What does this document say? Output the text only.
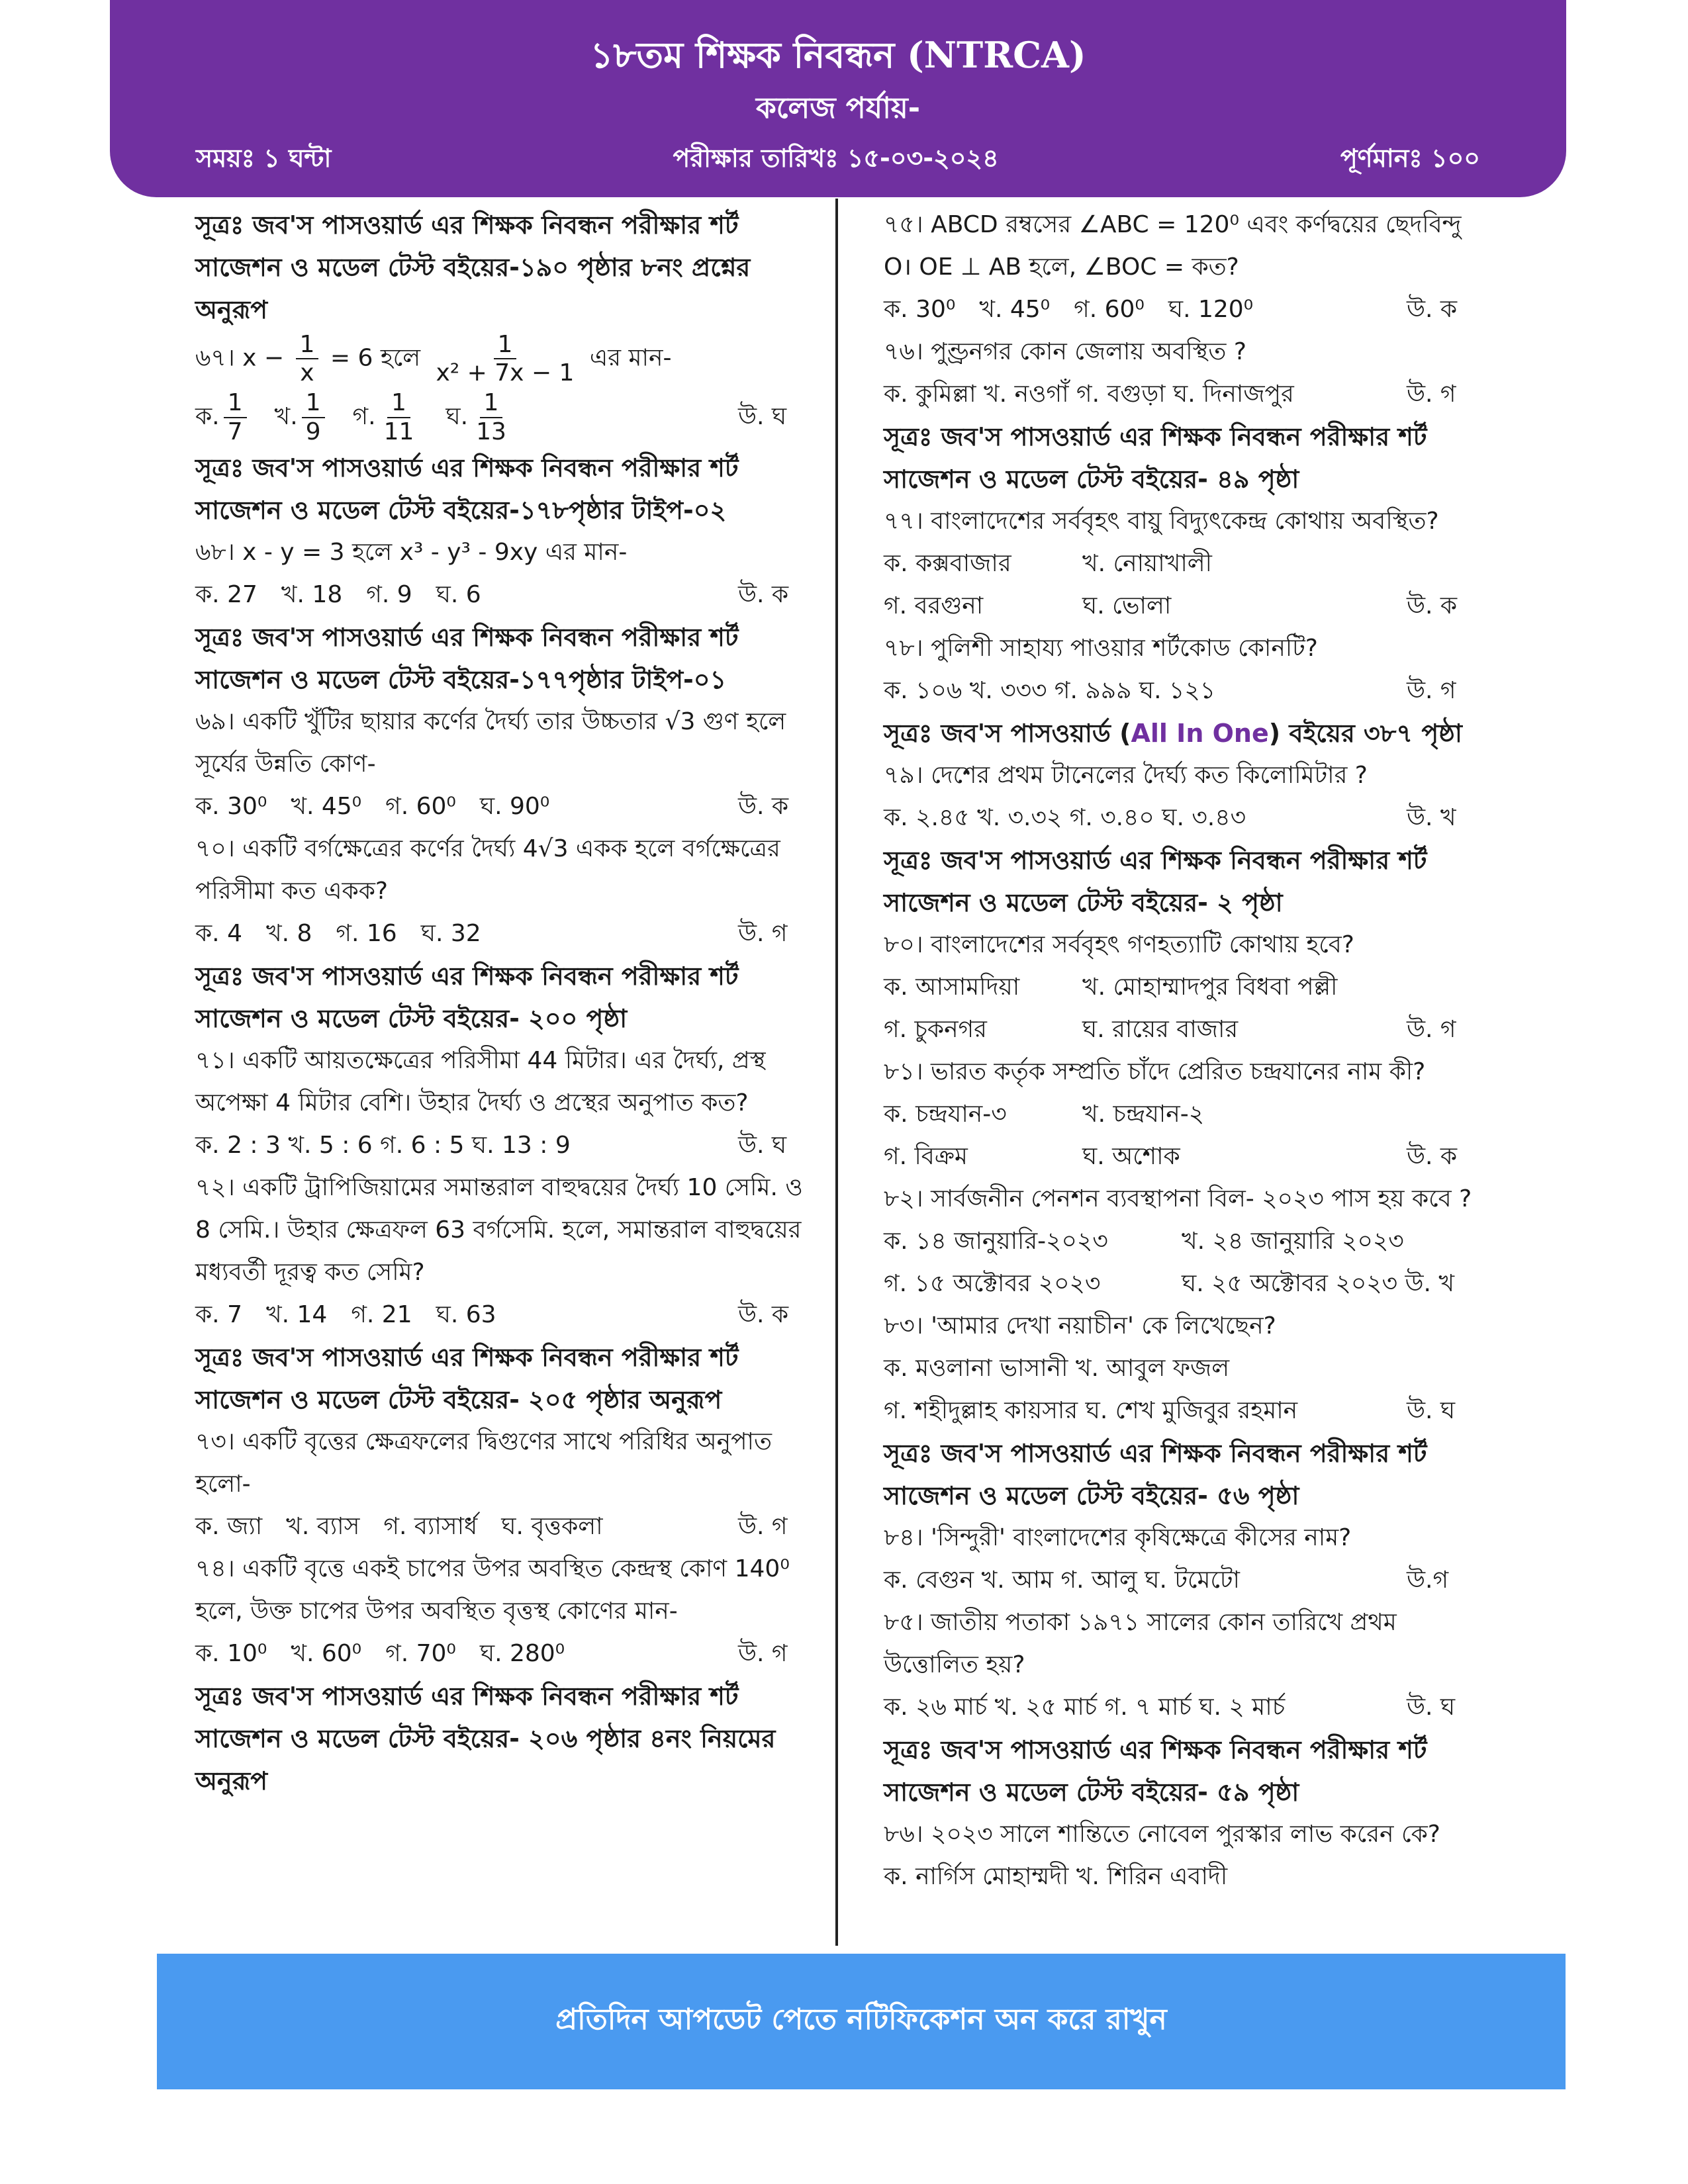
১৮তম শিক্ষক নিবন্ধন (NTRCA)
কলেজ পর্যায়-
সময়ঃ ১ ঘন্টা	পরীক্ষার তারিখঃ ১৫-০৩-২০২৪	পূর্ণমানঃ ১০০
সূত্রঃ জব'স পাসওয়ার্ড এর শিক্ষক নিবন্ধন পরীক্ষার শর্ট সাজেশন ও মডেল টেস্ট বইয়ের-১৯০ পৃষ্ঠার ৮নং প্রশ্নের অনুরূপ
৬৭। $x - \frac{1}{x} = 6$ হলে $\frac{1}{\text{x² + 7x − 1}}$ এর মান-
ক. $\frac{1}{7}$ খ. $\frac{1}{9}$ গ. $\frac{1}{11}$ ঘ. $\frac{1}{13}$	উ. ঘ
সূত্রঃ জব'স পাসওয়ার্ড এর শিক্ষক নিবন্ধন পরীক্ষার শর্ট সাজেশন ও মডেল টেস্ট বইয়ের-১৭৮পৃষ্ঠার টাইপ-০২
৬৮। x - y = 3 হলে x³ - y³ - 9xy এর মান-
ক. 27 খ. 18 গ. 9 ঘ. 6	উ. ক
সূত্রঃ জব'স পাসওয়ার্ড এর শিক্ষক নিবন্ধন পরীক্ষার শর্ট সাজেশন ও মডেল টেস্ট বইয়ের-১৭৭পৃষ্ঠার টাইপ-০১
৬৯। একটি খুঁটির ছায়ার কর্ণের দৈর্ঘ্য তার উচ্চতার √3 গুণ হলে সূর্যের উন্নতি কোণ-
ক. 30⁰ খ. 45⁰ গ. 60⁰ ঘ. 90⁰	উ. ক
৭০। একটি বর্গক্ষেত্রের কর্ণের দৈর্ঘ্য 4√3 একক হলে বর্গক্ষেত্রের পরিসীমা কত একক?
ক. 4 খ. 8 গ. 16 ঘ. 32	উ. গ
সূত্রঃ জব'স পাসওয়ার্ড এর শিক্ষক নিবন্ধন পরীক্ষার শর্ট সাজেশন ও মডেল টেস্ট বইয়ের- ২০০ পৃষ্ঠা
৭১। একটি আয়তক্ষেত্রের পরিসীমা 44 মিটার। এর দৈর্ঘ্য, প্রস্থ অপেক্ষা 4 মিটার বেশি। উহার দৈর্ঘ্য ও প্রস্থের অনুপাত কত?
ক. 2 : 3 খ. 5 : 6 গ. 6 : 5 ঘ. 13 : 9	উ. ঘ
৭২। একটি ট্রাপিজিয়ামের সমান্তরাল বাহুদ্বয়ের দৈর্ঘ্য 10 সেমি. ও 8 সেমি.। উহার ক্ষেত্রফল 63 বর্গসেমি. হলে, সমান্তরাল বাহুদ্বয়ের মধ্যবর্তী দূরত্ব কত সেমি?
ক. 7 খ. 14 গ. 21 ঘ. 63	উ. ক
সূত্রঃ জব'স পাসওয়ার্ড এর শিক্ষক নিবন্ধন পরীক্ষার শর্ট সাজেশন ও মডেল টেস্ট বইয়ের- ২০৫ পৃষ্ঠার অনুরূপ
৭৩। একটি বৃত্তের ক্ষেত্রফলের দ্বিগুণের সাথে পরিধির অনুপাত হলো-
ক. জ্যা খ. ব্যাস গ. ব্যাসার্ধ ঘ. বৃত্তকলা	উ. গ
৭৪। একটি বৃত্তে একই চাপের উপর অবস্থিত কেন্দ্রস্থ কোণ 140⁰ হলে, উক্ত চাপের উপর অবস্থিত বৃত্তস্থ কোণের মান-
ক. 10⁰ খ. 60⁰ গ. 70⁰ ঘ. 280⁰	উ. গ
সূত্রঃ জব'স পাসওয়ার্ড এর শিক্ষক নিবন্ধন পরীক্ষার শর্ট সাজেশন ও মডেল টেস্ট বইয়ের- ২০৬ পৃষ্ঠার ৪নং নিয়মের অনুরূপ
৭৫। ABCD রম্বসের ∠ABC = 120⁰ এবং কর্ণদ্বয়ের ছেদবিন্দু O। OE ⊥ AB হলে, ∠BOC = কত?
ক. 30⁰ খ. 45⁰ গ. 60⁰ ঘ. 120⁰	উ. ক
৭৬। পুণ্ড্রনগর কোন জেলায় অবস্থিত ?
ক. কুমিল্লা খ. নওগাঁ গ. বগুড়া ঘ. দিনাজপুর	উ. গ
সূত্রঃ জব'স পাসওয়ার্ড এর শিক্ষক নিবন্ধন পরীক্ষার শর্ট সাজেশন ও মডেল টেস্ট বইয়ের- ৪৯ পৃষ্ঠা
৭৭। বাংলাদেশের সর্ববৃহৎ বায়ু বিদ্যুৎকেন্দ্র কোথায় অবস্থিত?
ক. কক্সবাজার	খ. নোয়াখালী
গ. বরগুনা	ঘ. ভোলা	উ. ক
৭৮। পুলিশী সাহায্য পাওয়ার শর্টকোড কোনটি?
ক. ১০৬ খ. ৩৩৩ গ. ৯৯৯ ঘ. ১২১	উ. গ
সূত্রঃ জব'স পাসওয়ার্ড (All In One) বইয়ের ৩৮৭ পৃষ্ঠা
৭৯। দেশের প্রথম টানেলের দৈর্ঘ্য কত কিলোমিটার ?
ক. ২.৪৫ খ. ৩.৩২ গ. ৩.৪০ ঘ. ৩.৪৩	উ. খ
সূত্রঃ জব'স পাসওয়ার্ড এর শিক্ষক নিবন্ধন পরীক্ষার শর্ট সাজেশন ও মডেল টেস্ট বইয়ের- ২ পৃষ্ঠা
৮০। বাংলাদেশের সর্ববৃহৎ গণহত্যাটি কোথায় হবে?
ক. আসামদিয়া	খ. মোহাম্মাদপুর বিধবা পল্লী
গ. চুকনগর	ঘ. রায়ের বাজার	উ. গ
৮১। ভারত কর্তৃক সম্প্রতি চাঁদে প্রেরিত চন্দ্রযানের নাম কী?
ক. চন্দ্রযান-৩	খ. চন্দ্রযান-২
গ. বিক্রম	ঘ. অশোক	উ. ক
৮২। সার্বজনীন পেনশন ব্যবস্থাপনা বিল- ২০২৩ পাস হয় কবে ?
ক. ১৪ জানুয়ারি-২০২৩	খ. ২৪ জানুয়ারি ২০২৩
গ. ১৫ অক্টোবর ২০২৩	ঘ. ২৫ অক্টোবর ২০২৩ উ. খ
৮৩। 'আমার দেখা নয়াচীন' কে লিখেছেন?
ক. মওলানা ভাসানী খ. আবুল ফজল
গ. শহীদুল্লাহ কায়সার ঘ. শেখ মুজিবুর রহমান	উ. ঘ
সূত্রঃ জব'স পাসওয়ার্ড এর শিক্ষক নিবন্ধন পরীক্ষার শর্ট সাজেশন ও মডেল টেস্ট বইয়ের- ৫৬ পৃষ্ঠা
৮৪। 'সিন্দুরী' বাংলাদেশের কৃষিক্ষেত্রে কীসের নাম?
ক. বেগুন খ. আম গ. আলু ঘ. টমেটো	উ.গ
৮৫। জাতীয় পতাকা ১৯৭১ সালের কোন তারিখে প্রথম উত্তোলিত হয়?
ক. ২৬ মার্চ খ. ২৫ মার্চ গ. ৭ মার্চ ঘ. ২ মার্চ	উ. ঘ
সূত্রঃ জব'স পাসওয়ার্ড এর শিক্ষক নিবন্ধন পরীক্ষার শর্ট সাজেশন ও মডেল টেস্ট বইয়ের- ৫৯ পৃষ্ঠা
৮৬। ২০২৩ সালে শান্তিতে নোবেল পুরস্কার লাভ করেন কে?
ক. নার্গিস মোহাম্মদী খ. শিরিন এবাদী
প্রতিদিন আপডেট পেতে নটিফিকেশন অন করে রাখুন
